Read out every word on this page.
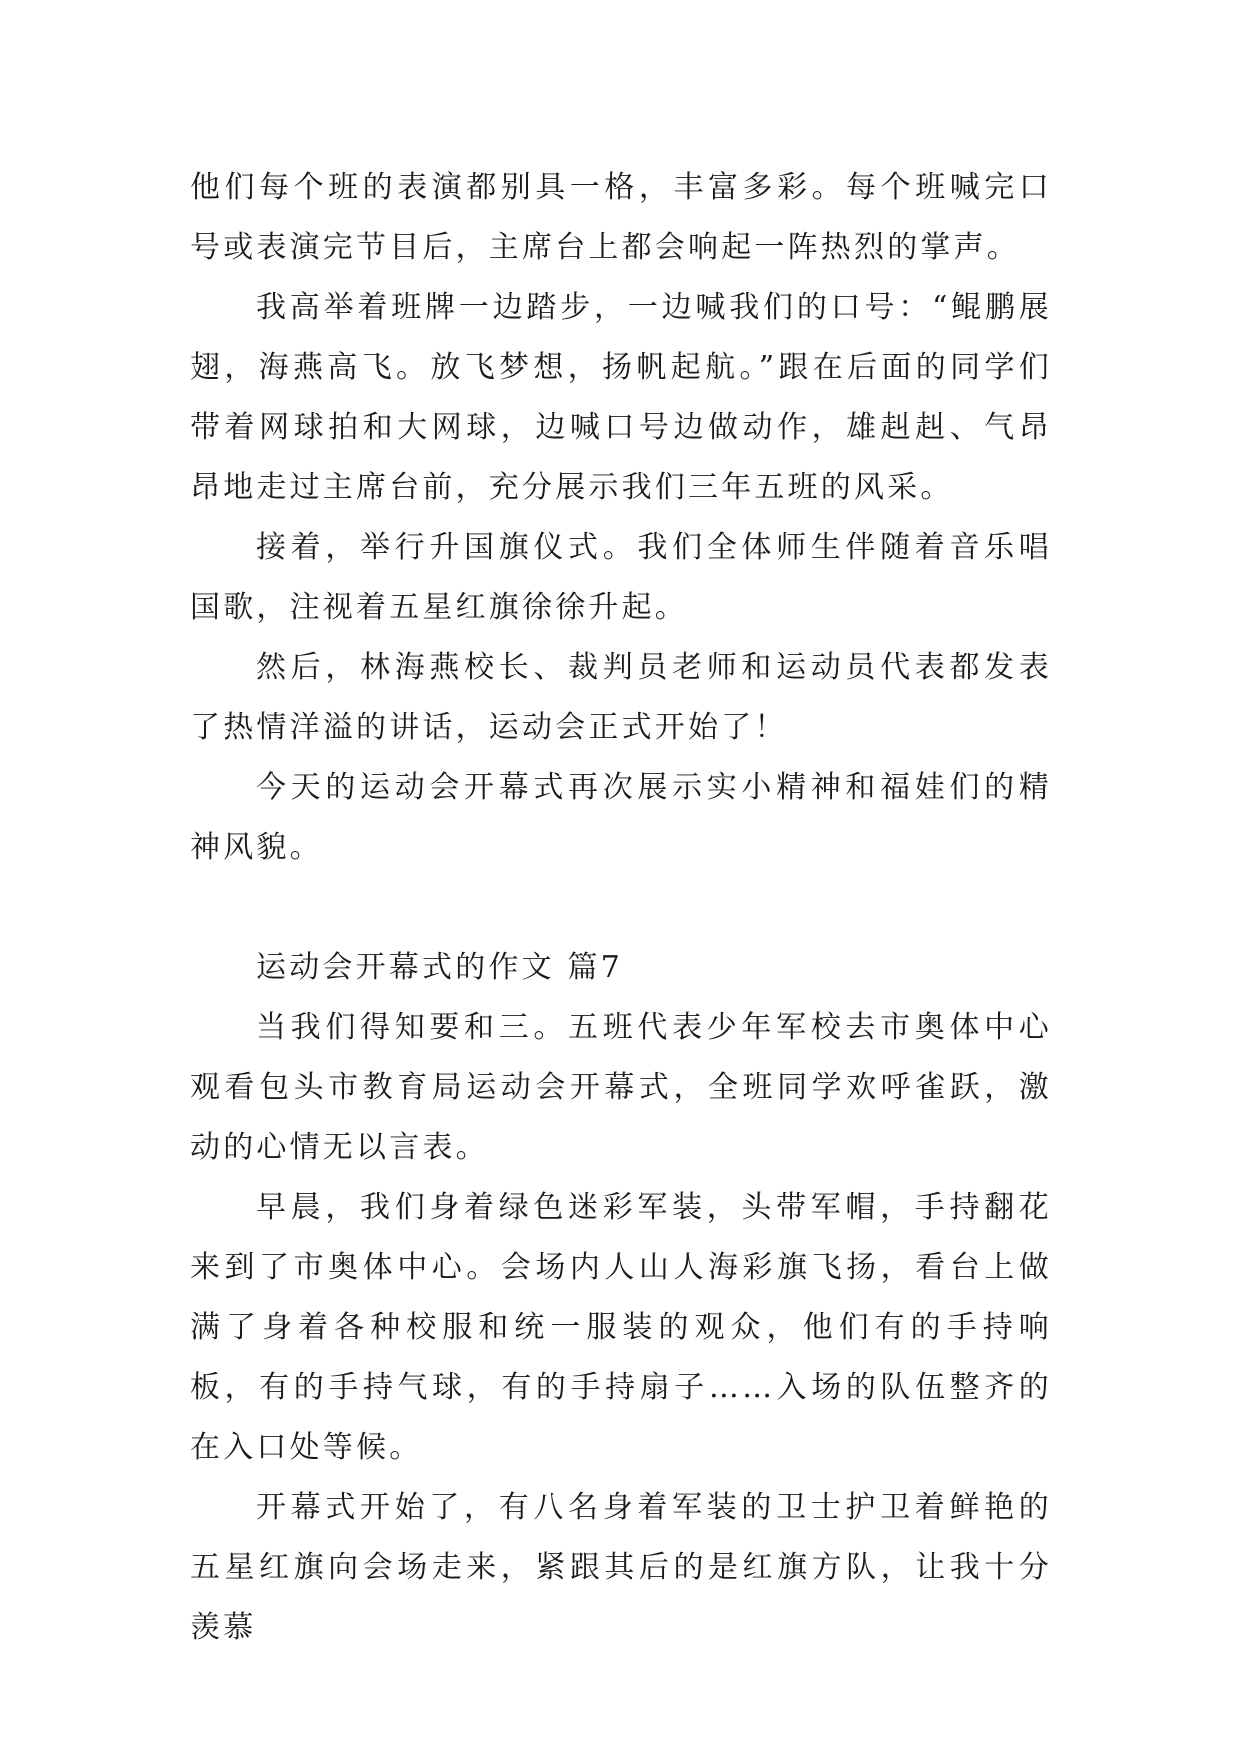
他们每个班的表演都别具一格，丰富多彩。每个班喊完口号或表演完节目后，主席台上都会响起一阵热烈的掌声。

我高举着班牌一边踏步，一边喊我们的口号：“鲲鹏展翅，海燕高飞。放飞梦想，扬帆起航。”跟在后面的同学们带着网球拍和大网球，边喊口号边做动作，雄赳赳、气昂昂地走过主席台前，充分展示我们三年五班的风采。

接着，举行升国旗仪式。我们全体师生伴随着音乐唱国歌，注视着五星红旗徐徐升起。

然后，林海燕校长、裁判员老师和运动员代表都发表了热情洋溢的讲话，运动会正式开始了！

今天的运动会开幕式再次展示实小精神和福娃们的精神风貌。

运动会开幕式的作文 篇7

当我们得知要和三。五班代表少年军校去市奥体中心观看包头市教育局运动会开幕式，全班同学欢呼雀跃，激动的心情无以言表。

早晨，我们身着绿色迷彩军装，头带军帽，手持翻花来到了市奥体中心。会场内人山人海彩旗飞扬，看台上做满了身着各种校服和统一服装的观众，他们有的手持响板，有的手持气球，有的手持扇子……入场的队伍整齐的在入口处等候。

开幕式开始了，有八名身着军装的卫士护卫着鲜艳的五星红旗向会场走来，紧跟其后的是红旗方队，让我十分羡慕
